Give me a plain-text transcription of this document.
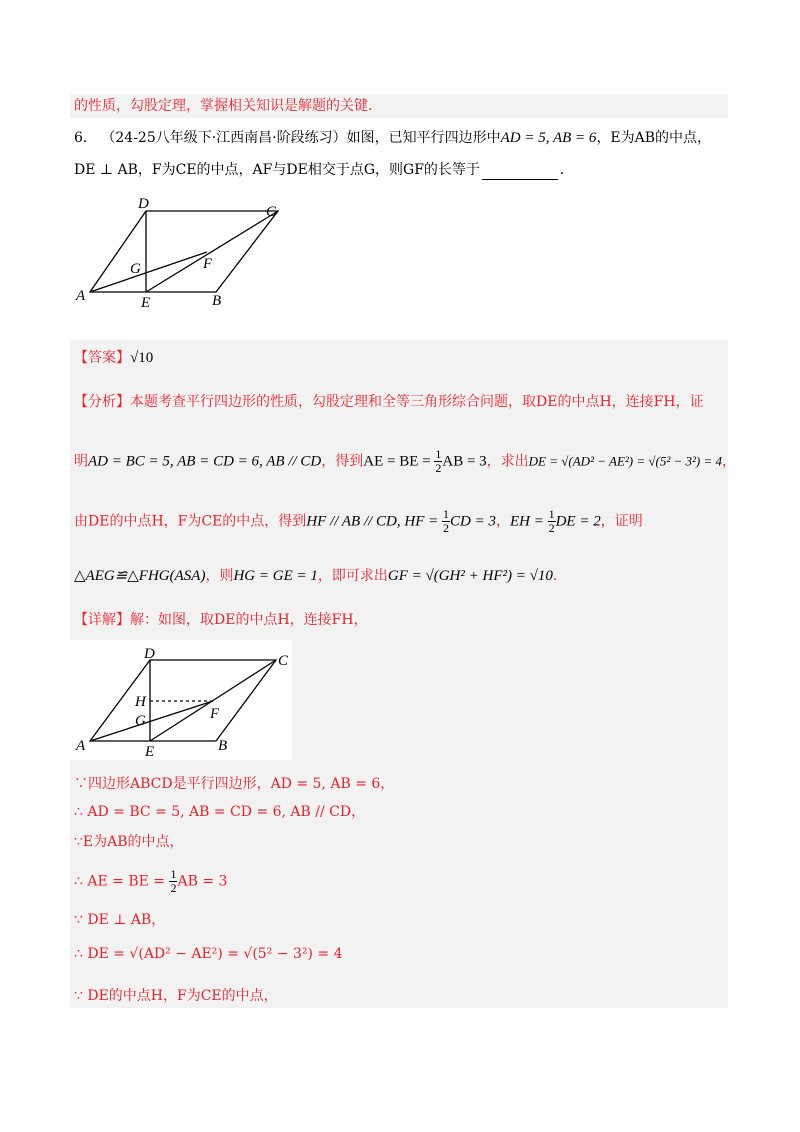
的性质，勾股定理，掌握相关知识是解题的关键．
6． （24-25八年级下·江西南昌·阶段练习）如图，已知平行四边形中AD = 5, AB = 6，E为AB的中点，
DE ⊥ AB，F为CE的中点，AF与DE相交于点G，则GF的长等于	．
D	C
G	F
A	E	B
【答案】√10
【分析】本题考查平行四边形的性质，勾股定理和全等三角形综合问题，取DE的中点H，连接FH，证
明AD = BC = 5, AB = CD = 6, AB // CD，得到AE = BE = $\frac{1}{2}$ AB = 3，求出DE = √(AD² − AE²) = √(5² − 3²) = 4，
由DE的中点H，F为CE的中点，得到HF // AB // CD, HF = $\frac{1}{2}$ CD = 3，EH = $\frac{1}{2}$ DE = 2，证明
△AEG≌△FHG(ASA)，则HG = GE = 1，即可求出GF = √(GH² + HF²) = √10．
【详解】解：如图，取DE的中点H，连接FH，
D	C
H
G	F
A	E	B
∵四边形ABCD是平行四边形，AD = 5, AB = 6，
∴ AD = BC = 5, AB = CD = 6, AB // CD，
∵E为AB的中点，
∴ AE = BE = $\frac{1}{2}$ AB = 3
∵ DE ⊥ AB，
∴ DE = √(AD² − AE²) = √(5² − 3²) = 4
∵ DE的中点H，F为CE的中点，
